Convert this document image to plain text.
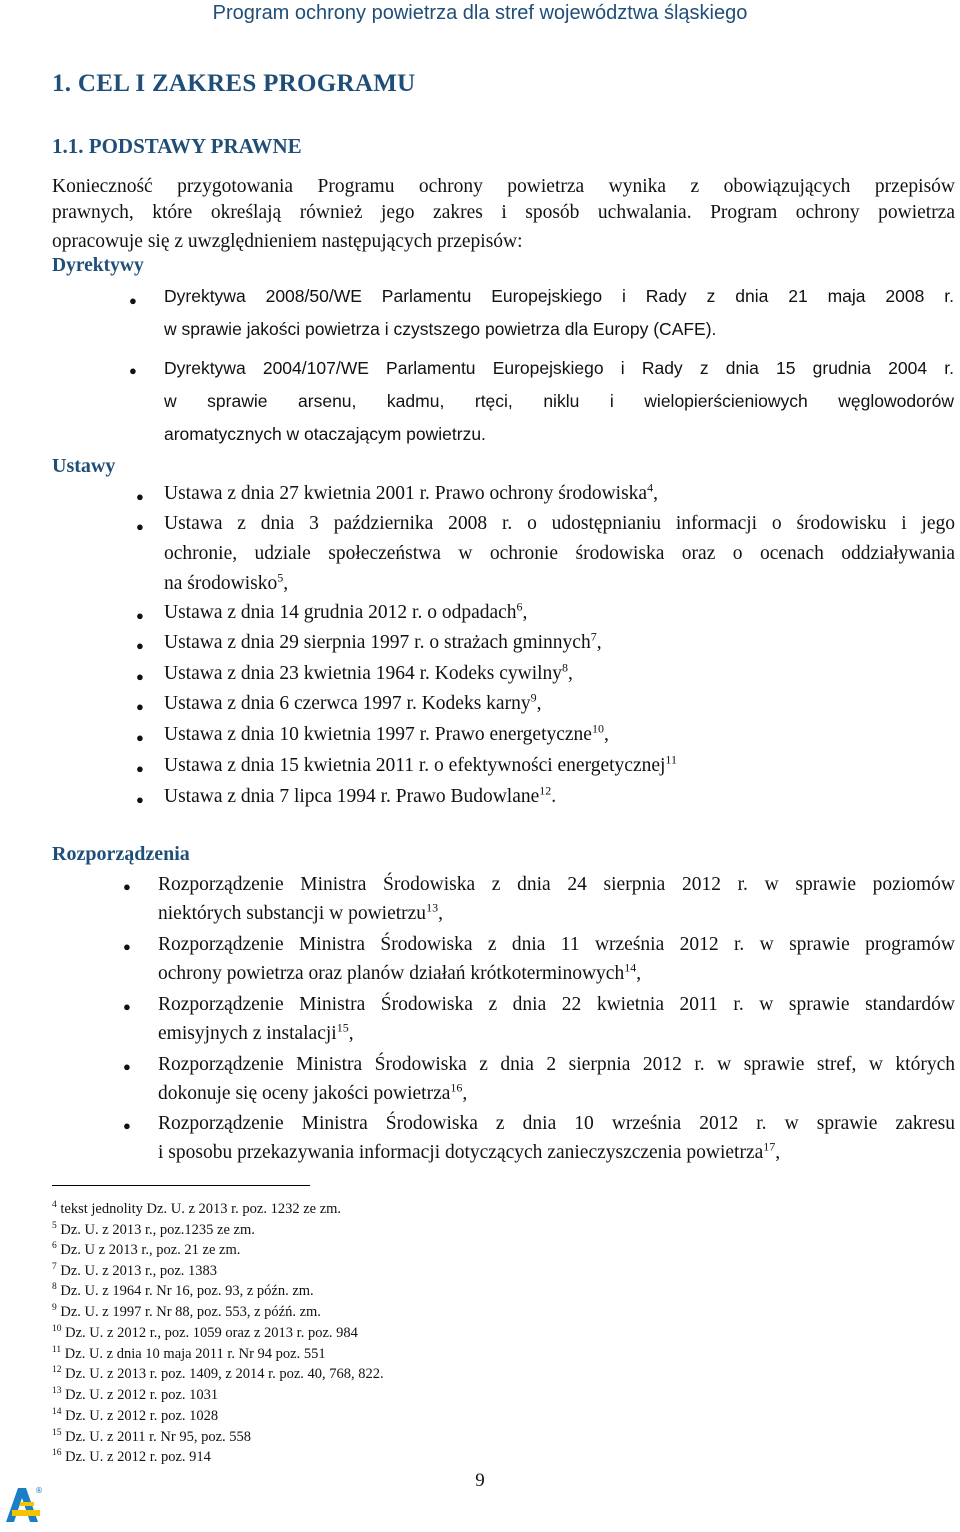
Program ochrony powietrza dla stref województwa śląskiego
1. CEL I ZAKRES PROGRAMU
1.1. PODSTAWY PRAWNE
Konieczność przygotowania Programu ochrony powietrza wynika z obowiązujących przepisów
prawnych, które określają również jego zakres i sposób uchwalania. Program ochrony powietrza
opracowuje się z uwzględnieniem następujących przepisów:
Dyrektywy
● Dyrektywa 2008/50/WE Parlamentu Europejskiego i Rady z dnia 21 maja 2008 r.
w sprawie jakości powietrza i czystszego powietrza dla Europy (CAFE).
● Dyrektywa 2004/107/WE Parlamentu Europejskiego i Rady z dnia 15 grudnia 2004 r.
w sprawie arsenu, kadmu, rtęci, niklu i wielopierścieniowych węglowodorów
aromatycznych w otaczającym powietrzu.
Ustawy
● Ustawa z dnia 27 kwietnia 2001 r. Prawo ochrony środowiska$^4$,
● Ustawa z dnia 3 października 2008 r. o udostępnianiu informacji o środowisku i jego
ochronie, udziale społeczeństwa w ochronie środowiska oraz o ocenach oddziaływania
na środowisko$^5$,
● Ustawa z dnia 14 grudnia 2012 r. o odpadach$^6$,
● Ustawa z dnia 29 sierpnia 1997 r. o strażach gminnych$^7$,
● Ustawa z dnia 23 kwietnia 1964 r. Kodeks cywilny$^8$,
● Ustawa z dnia 6 czerwca 1997 r. Kodeks karny$^9$,
● Ustawa z dnia 10 kwietnia 1997 r. Prawo energetyczne$^{10}$,
● Ustawa z dnia 15 kwietnia 2011 r. o efektywności energetycznej$^{11}$
● Ustawa z dnia 7 lipca 1994 r. Prawo Budowlane$^{12}$.
Rozporządzenia
● Rozporządzenie Ministra Środowiska z dnia 24 sierpnia 2012 r. w sprawie poziomów
niektórych substancji w powietrzu$^{13}$,
● Rozporządzenie Ministra Środowiska z dnia 11 września 2012 r. w sprawie programów
ochrony powietrza oraz planów działań krótkoterminowych$^{14}$,
● Rozporządzenie Ministra Środowiska z dnia 22 kwietnia 2011 r. w sprawie standardów
emisyjnych z instalacji$^{15}$,
● Rozporządzenie Ministra Środowiska z dnia 2 sierpnia 2012 r. w sprawie stref, w których
dokonuje się oceny jakości powietrza$^{16}$,
● Rozporządzenie Ministra Środowiska z dnia 10 września 2012 r. w sprawie zakresu
i sposobu przekazywania informacji dotyczących zanieczyszczenia powietrza$^{17}$,
$^4$ tekst jednolity Dz. U. z 2013 r. poz. 1232 ze zm.
$^5$ Dz. U. z 2013 r., poz.1235 ze zm.
$^6$ Dz. U z 2013 r., poz. 21 ze zm.
$^7$ Dz. U. z 2013 r., poz. 1383
$^8$ Dz. U. z 1964 r. Nr 16, poz. 93, z późn. zm.
$^9$ Dz. U. z 1997 r. Nr 88, poz. 553, z późń. zm.
$^{10}$ Dz. U. z 2012 r., poz. 1059 oraz z 2013 r. poz. 984
$^{11}$ Dz. U. z dnia 10 maja 2011 r. Nr 94 poz. 551
$^{12}$ Dz. U. z 2013 r. poz. 1409, z 2014 r. poz. 40, 768, 822.
$^{13}$ Dz. U. z 2012 r. poz. 1031
$^{14}$ Dz. U. z 2012 r. poz. 1028
$^{15}$ Dz. U. z 2011 r. Nr 95, poz. 558
$^{16}$ Dz. U. z 2012 r. poz. 914
9
®
